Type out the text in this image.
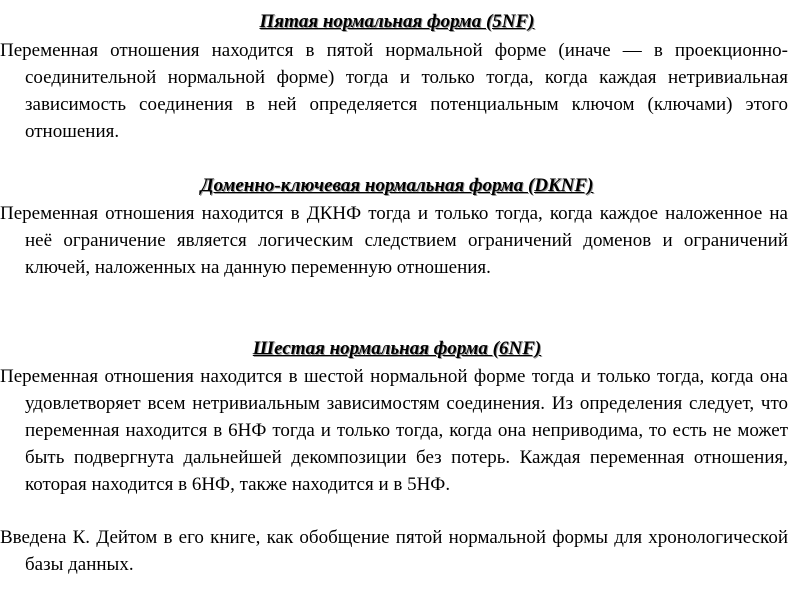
Пятая нормальная форма (5NF)

Переменная отношения находится в пятой нормальной форме (иначе — в проекционно-соединительной нормальной форме) тогда и только тогда, когда каждая нетривиальная зависимость соединения в ней определяется потенциальным ключом (ключами) этого отношения.

Доменно-ключевая нормальная форма (DKNF)

Переменная отношения находится в ДКНФ тогда и только тогда, когда каждое наложенное на неё ограничение является логическим следствием ограничений доменов и ограничений ключей, наложенных на данную переменную отношения.

Шестая нормальная форма (6NF)

Переменная отношения находится в шестой нормальной форме тогда и только тогда, когда она удовлетворяет всем нетривиальным зависимостям соединения. Из определения следует, что переменная находится в 6НФ тогда и только тогда, когда она неприводима, то есть не может быть подвергнута дальнейшей декомпозиции без потерь. Каждая переменная отношения, которая находится в 6НФ, также находится и в 5НФ.

Введена К. Дейтом в его книге, как обобщение пятой нормальной формы для хронологической базы данных.
